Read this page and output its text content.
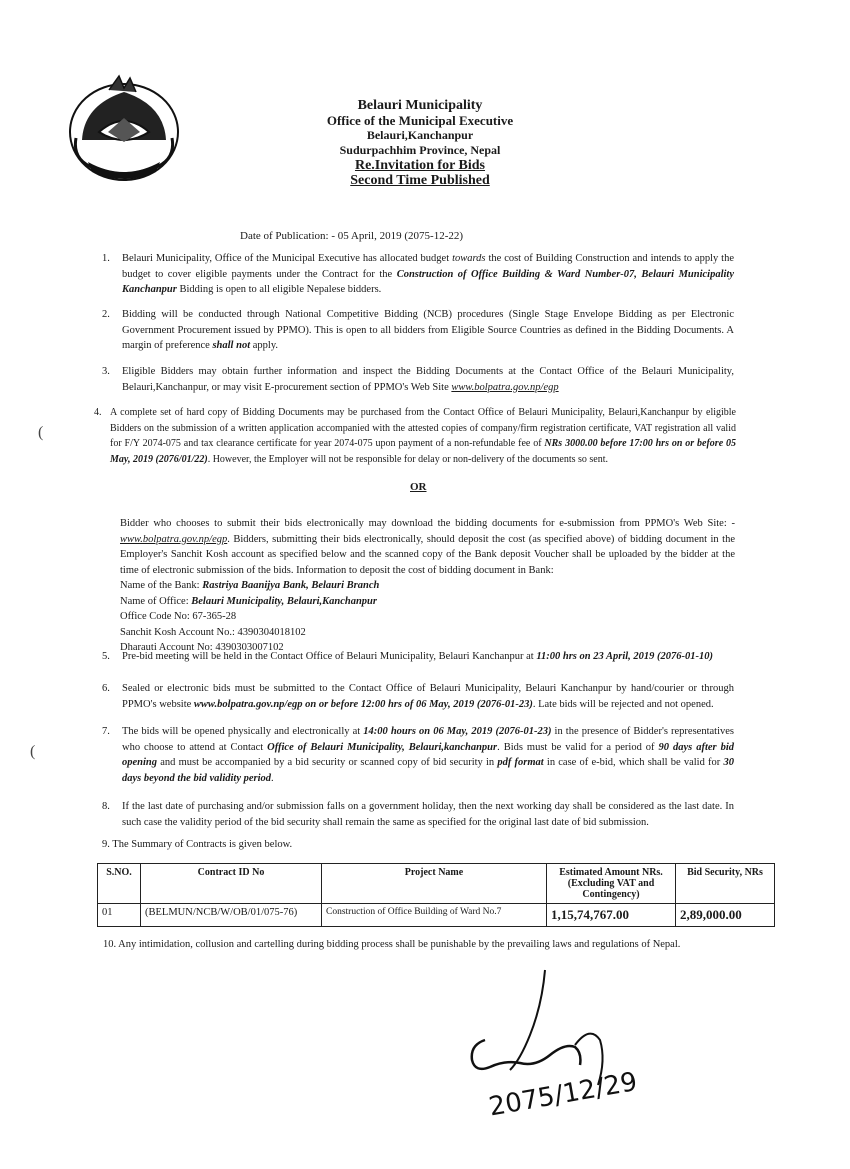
Belauri Municipality
Office of the Municipal Executive
Belauri,Kanchanpur
Sudurpachhim Province, Nepal
Re.Invitation for Bids
Second Time Published
Date of Publication: - 05 April, 2019 (2075-12-22)
1. Belauri Municipality, Office of the Municipal Executive has allocated budget towards the cost of Building Construction and intends to apply the budget to cover eligible payments under the Contract for the Construction of Office Building & Ward Number-07, Belauri Municipality Kanchanpur Bidding is open to all eligible Nepalese bidders.
2. Bidding will be conducted through National Competitive Bidding (NCB) procedures (Single Stage Envelope Bidding as per Electronic Government Procurement issued by PPMO). This is open to all bidders from Eligible Source Countries as defined in the Bidding Documents. A margin of preference shall not apply.
3. Eligible Bidders may obtain further information and inspect the Bidding Documents at the Contact Office of the Belauri Municipality, Belauri,Kanchanpur, or may visit E-procurement section of PPMO's Web Site www.bolpatra.gov.np/egp
4. A complete set of hard copy of Bidding Documents may be purchased from the Contact Office of Belauri Municipality, Belauri,Kanchanpur by eligible Bidders on the submission of a written application accompanied with the attested copies of company/firm registration certificate, VAT registration all valid for F/Y 2074-075 and tax clearance certificate for year 2074-075 upon payment of a non-refundable fee of NRs 3000.00 before 17:00 hrs on or before 05 May, 2019 (2076/01/22). However, the Employer will not be responsible for delay or non-delivery of the documents so sent.
OR
Bidder who chooses to submit their bids electronically may download the bidding documents for e-submission from PPMO's Web Site: - www.bolpatra.gov.np/egp. Bidders, submitting their bids electronically, should deposit the cost (as specified above) of bidding document in the Employer's Sanchit Kosh account as specified below and the scanned copy of the Bank deposit Voucher shall be uploaded by the bidder at the time of electronic submission of the bids. Information to deposit the cost of bidding document in Bank:
Name of the Bank: Rastriya Baanijya Bank, Belauri Branch
Name of Office: Belauri Municipality, Belauri,Kanchanpur
Office Code No: 67-365-28
Sanchit Kosh Account No.: 4390304018102
Dharauti Account No: 4390303007102
5. Pre-bid meeting will be held in the Contact Office of Belauri Municipality, Belauri Kanchanpur at 11:00 hrs on 23 April, 2019 (2076-01-10)
6. Sealed or electronic bids must be submitted to the Contact Office of Belauri Municipality, Belauri Kanchanpur by hand/courier or through PPMO's website www.bolpatra.gov.np/egp on or before 12:00 hrs of 06 May, 2019 (2076-01-23). Late bids will be rejected and not opened.
7. The bids will be opened physically and electronically at 14:00 hours on 06 May, 2019 (2076-01-23) in the presence of Bidder's representatives who choose to attend at Contact Office of Belauri Municipality, Belauri,kanchanpur. Bids must be valid for a period of 90 days after bid opening and must be accompanied by a bid security or scanned copy of bid security in pdf format in case of e-bid, which shall be valid for 30 days beyond the bid validity period.
8. If the last date of purchasing and/or submission falls on a government holiday, then the next working day shall be considered as the last date. In such case the validity period of the bid security shall remain the same as specified for the original last date of bid submission.
9. The Summary of Contracts is given below.
S.NO.	Contract ID No	Project Name	Estimated Amount NRs. (Excluding VAT and Contingency)	Bid Security, NRs
01	(BELMUN/NCB/W/OB/01/075-76)	Construction of Office Building of Ward No.7	1,15,74,767.00	2,89,000.00
10. Any intimidation, collusion and cartelling during bidding process shall be punishable by the prevailing laws and regulations of Nepal.
2075/12/29
(
(
